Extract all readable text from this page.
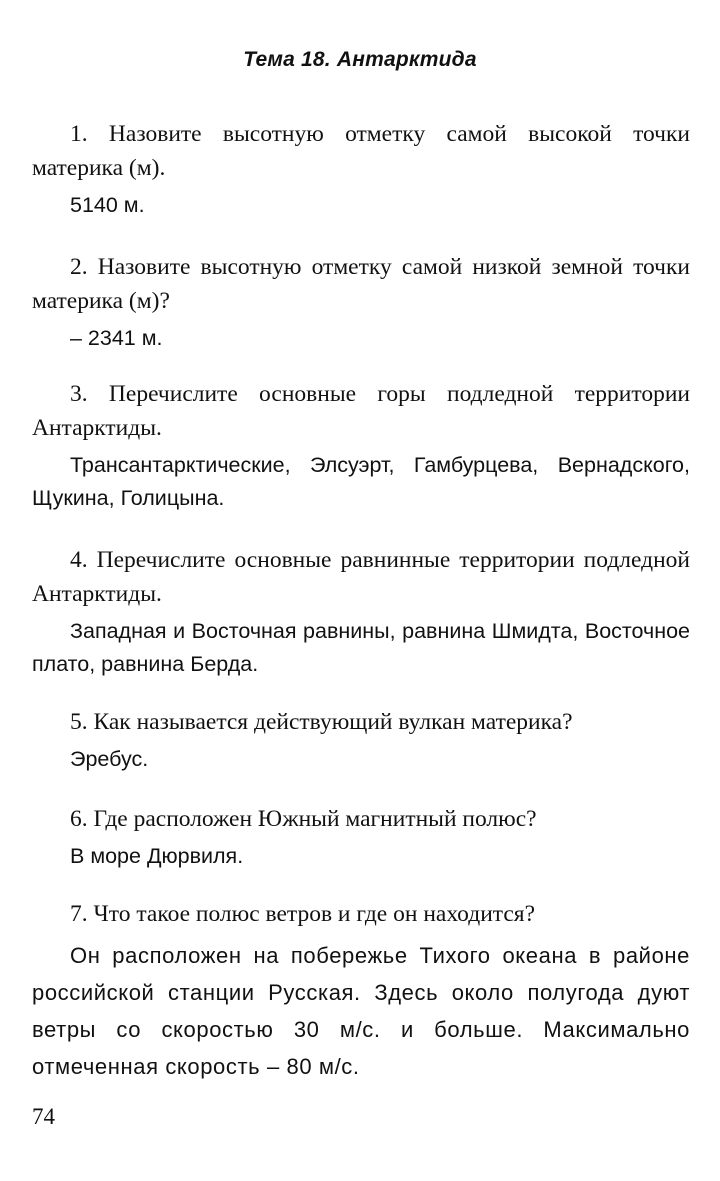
Тема 18. Антарктида

1. Назовите высотную отметку самой высокой точки материка (м).

5140 м.

2. Назовите высотную отметку самой низкой земной точки материка (м)?

– 2341 м.

3. Перечислите основные горы подледной территории Антарктиды.

Трансантарктические, Элсуэрт, Гамбурцева, Вернадского, Щукина, Голицына.

4. Перечислите основные равнинные территории подледной Антарктиды.

Западная и Восточная равнины, равнина Шмидта, Восточное плато, равнина Берда.

5. Как называется действующий вулкан материка?

Эребус.

6. Где расположен Южный магнитный полюс?

В море Дюрвиля.

7. Что такое полюс ветров и где он находится?

Он расположен на побережье Тихого океана в районе российской станции Русская. Здесь около полугода дуют ветры со скоростью 30 м/с. и больше. Максимально отмеченная скорость – 80 м/с.

74
